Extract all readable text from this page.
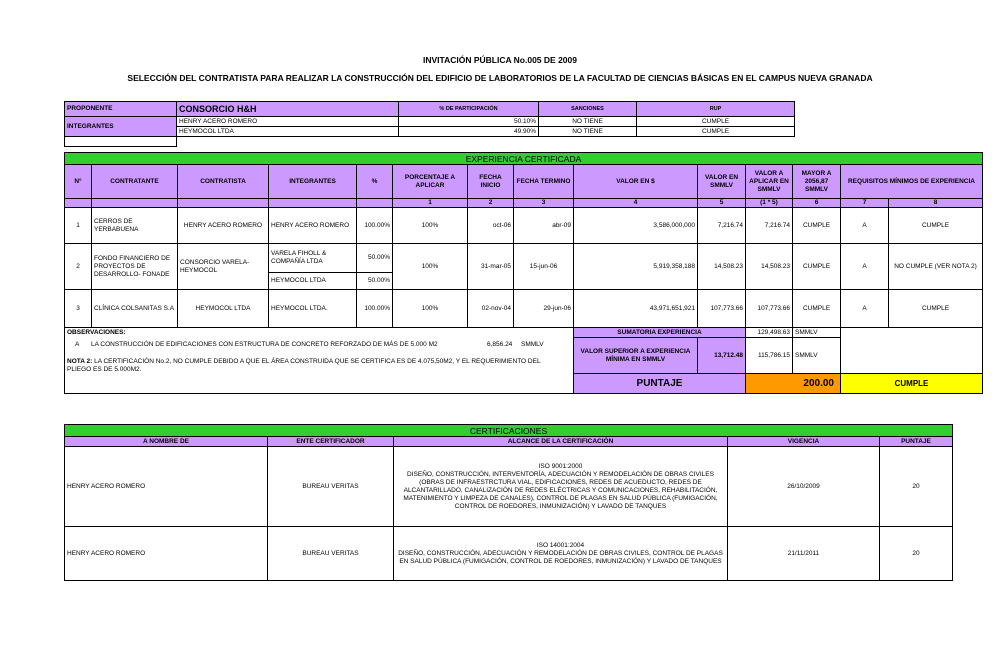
INVITACIÓN PÚBLICA No.005 DE 2009
SELECCIÓN DEL CONTRATISTA PARA REALIZAR LA CONSTRUCCIÓN DEL EDIFICIO DE LABORATORIOS DE LA FACULTAD DE CIENCIAS BÁSICAS EN EL CAMPUS NUEVA GRANADA
PROPONENTE	CONSORCIO H&H	% DE PARTICIPACIÓN	SANCIONES	RUP
INTEGRANTES	HENRY ACERO ROMERO	50.10%	NO TIENE	CUMPLE
	HEYMOCOL LTDA	49.90%	NO TIENE	CUMPLE

EXPERIENCIA CERTIFICADA													
N°	CONTRATANTE	CONTRATISTA	INTEGRANTES	%	PORCENTAJE A APLICAR	FECHA INICIO	FECHA TERMINO	VALOR EN $	VALOR EN SMMLV	VALOR A APLICAR EN SMMLV	MAYOR A 2056,87 SMMLV	REQUISITOS MÍNIMOS DE EXPERIENCIA	
					1	2	3	4	5	(1 * 5)	6	7	8
1	CERROS DE YERBABUENA	HENRY ACERO ROMERO	HENRY ACERO ROMERO	100.00%	100%	oct-06	abr-09	3,586,000,000	7,216.74	7,216.74	CUMPLE	A	CUMPLE
2	FONDO FINANCIERO DE PROYECTOS DE DESARROLLO- FONADE	CONSORCIO VARELA-HEYMOCOL	VARELA FIHOLL & COMPAÑÍA LTDA	50.00%	100%	31-mar-05	15-jun-06	5,919,358,188	14,508.23	14,508.23	CUMPLE	A	NO CUMPLE (VER NOTA 2)
			HEYMOCOL LTDA	50.00%									
3	CLÍNICA COLSANITAS S.A	HEYMOCOL LTDA	HEYMOCOL LTDA.	100.00%	100%	02-nov-04	29-jun-06	43,971,651,921	107,773.66	107,773.66	CUMPLE	A	CUMPLE
OBSERVACIONES:								SUMATORIA EXPERIENCIA		129,498.63	SMMLV		

A LA CONSTRUCCIÓN DE EDIFICACIONES CON ESTRUCTURA DE CONCRETO REFORZADO DE MÁS DE 5.000 M2 6,856.24 SMMLV
NOTA 2: LA CERTIFICACIÓN No.2, NO CUMPLE DEBIDO A QUE EL ÁREA CONSTRUIDA QUE SE CERTIFICA ES DE 4.075,50M2, Y EL REQUERIMIENTO DEL PLIEGO ES DE 5.000M2.								VALOR SUPERIOR A EXPERIENCIA MÍNIMA EN SMMLV	13,712.48	115,786.15	SMMLV		
								PUNTAJE		200.00		CUMPLE	
CERTIFICACIONES				
A NOMBRE DE	ENTE CERTIFICADOR	ALCANCE DE LA CERTIFICACIÓN	VIGENCIA	PUNTAJE
HENRY ACERO ROMERO	BUREAU VERITAS	ISO 9001:2000
DISEÑO, CONSTRUCCIÓN, INTERVENTORÍA, ADECUACIÓN Y REMODELACIÓN DE OBRAS CIVILES (OBRAS DE INFRAESTRCTURA VIAL, EDIFICACIONES, REDES DE ACUEDUCTO, REDES DE ALCANTARILLADO, CANALIZACIÓN DE REDES ELÉCTRICAS Y COMUNICACIONES, REHABILITACIÓN, MATENIMIENTO Y LIMPEZA DE CANALES), CONTROL DE PLAGAS EN SALUD PÚBLICA (FUMIGACIÓN, CONTROL DE ROEDORES, INMUNIZACIÓN) Y LAVADO DE TANQUES	26/10/2009	20
HENRY ACERO ROMERO	BUREAU VERITAS	ISO 14001:2004
DISEÑO, CONSTRUCCIÓN, ADECUACIÓN Y REMODELACIÓN DE OBRAS CIVILES, CONTROL DE PLAGAS EN SALUD PÚBLICA (FUMIGACIÓN, CONTROL DE ROEDORES, INMUNIZACIÓN) Y LAVADO DE TANQUES	21/11/2011	20
